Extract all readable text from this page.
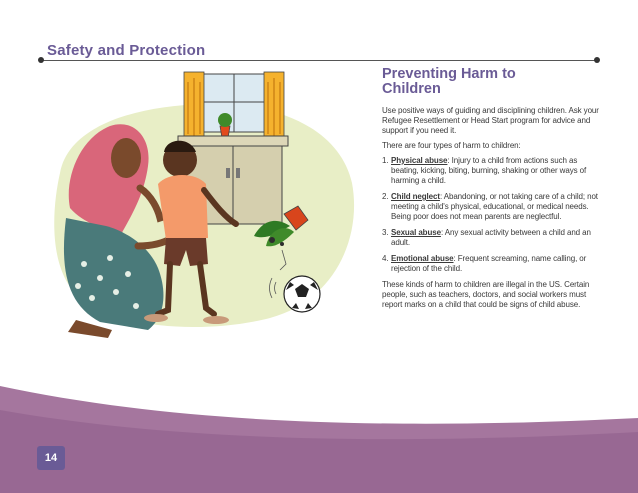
Safety and Protection
Preventing Harm to Children

Use positive ways of guiding and disciplining children. Ask your Refugee Resettlement or Head Start program for advice and support if you need it.

There are four types of harm to children:

1. Physical abuse: Injury to a child from actions such as beating, kicking, biting, burning, shaking or other ways of harming a child.
2. Child neglect: Abandoning, or not taking care of a child; not meeting a child's physical, educational, or medical needs. Being poor does not mean parents are neglectful.
3. Sexual abuse: Any sexual activity between a child and an adult.
4. Emotional abuse: Frequent screaming, name calling, or rejection of the child.

These kinds of harm to children are illegal in the US. Certain people, such as teachers, doctors, and social workers must report marks on a child that could be signs of child abuse.

14
